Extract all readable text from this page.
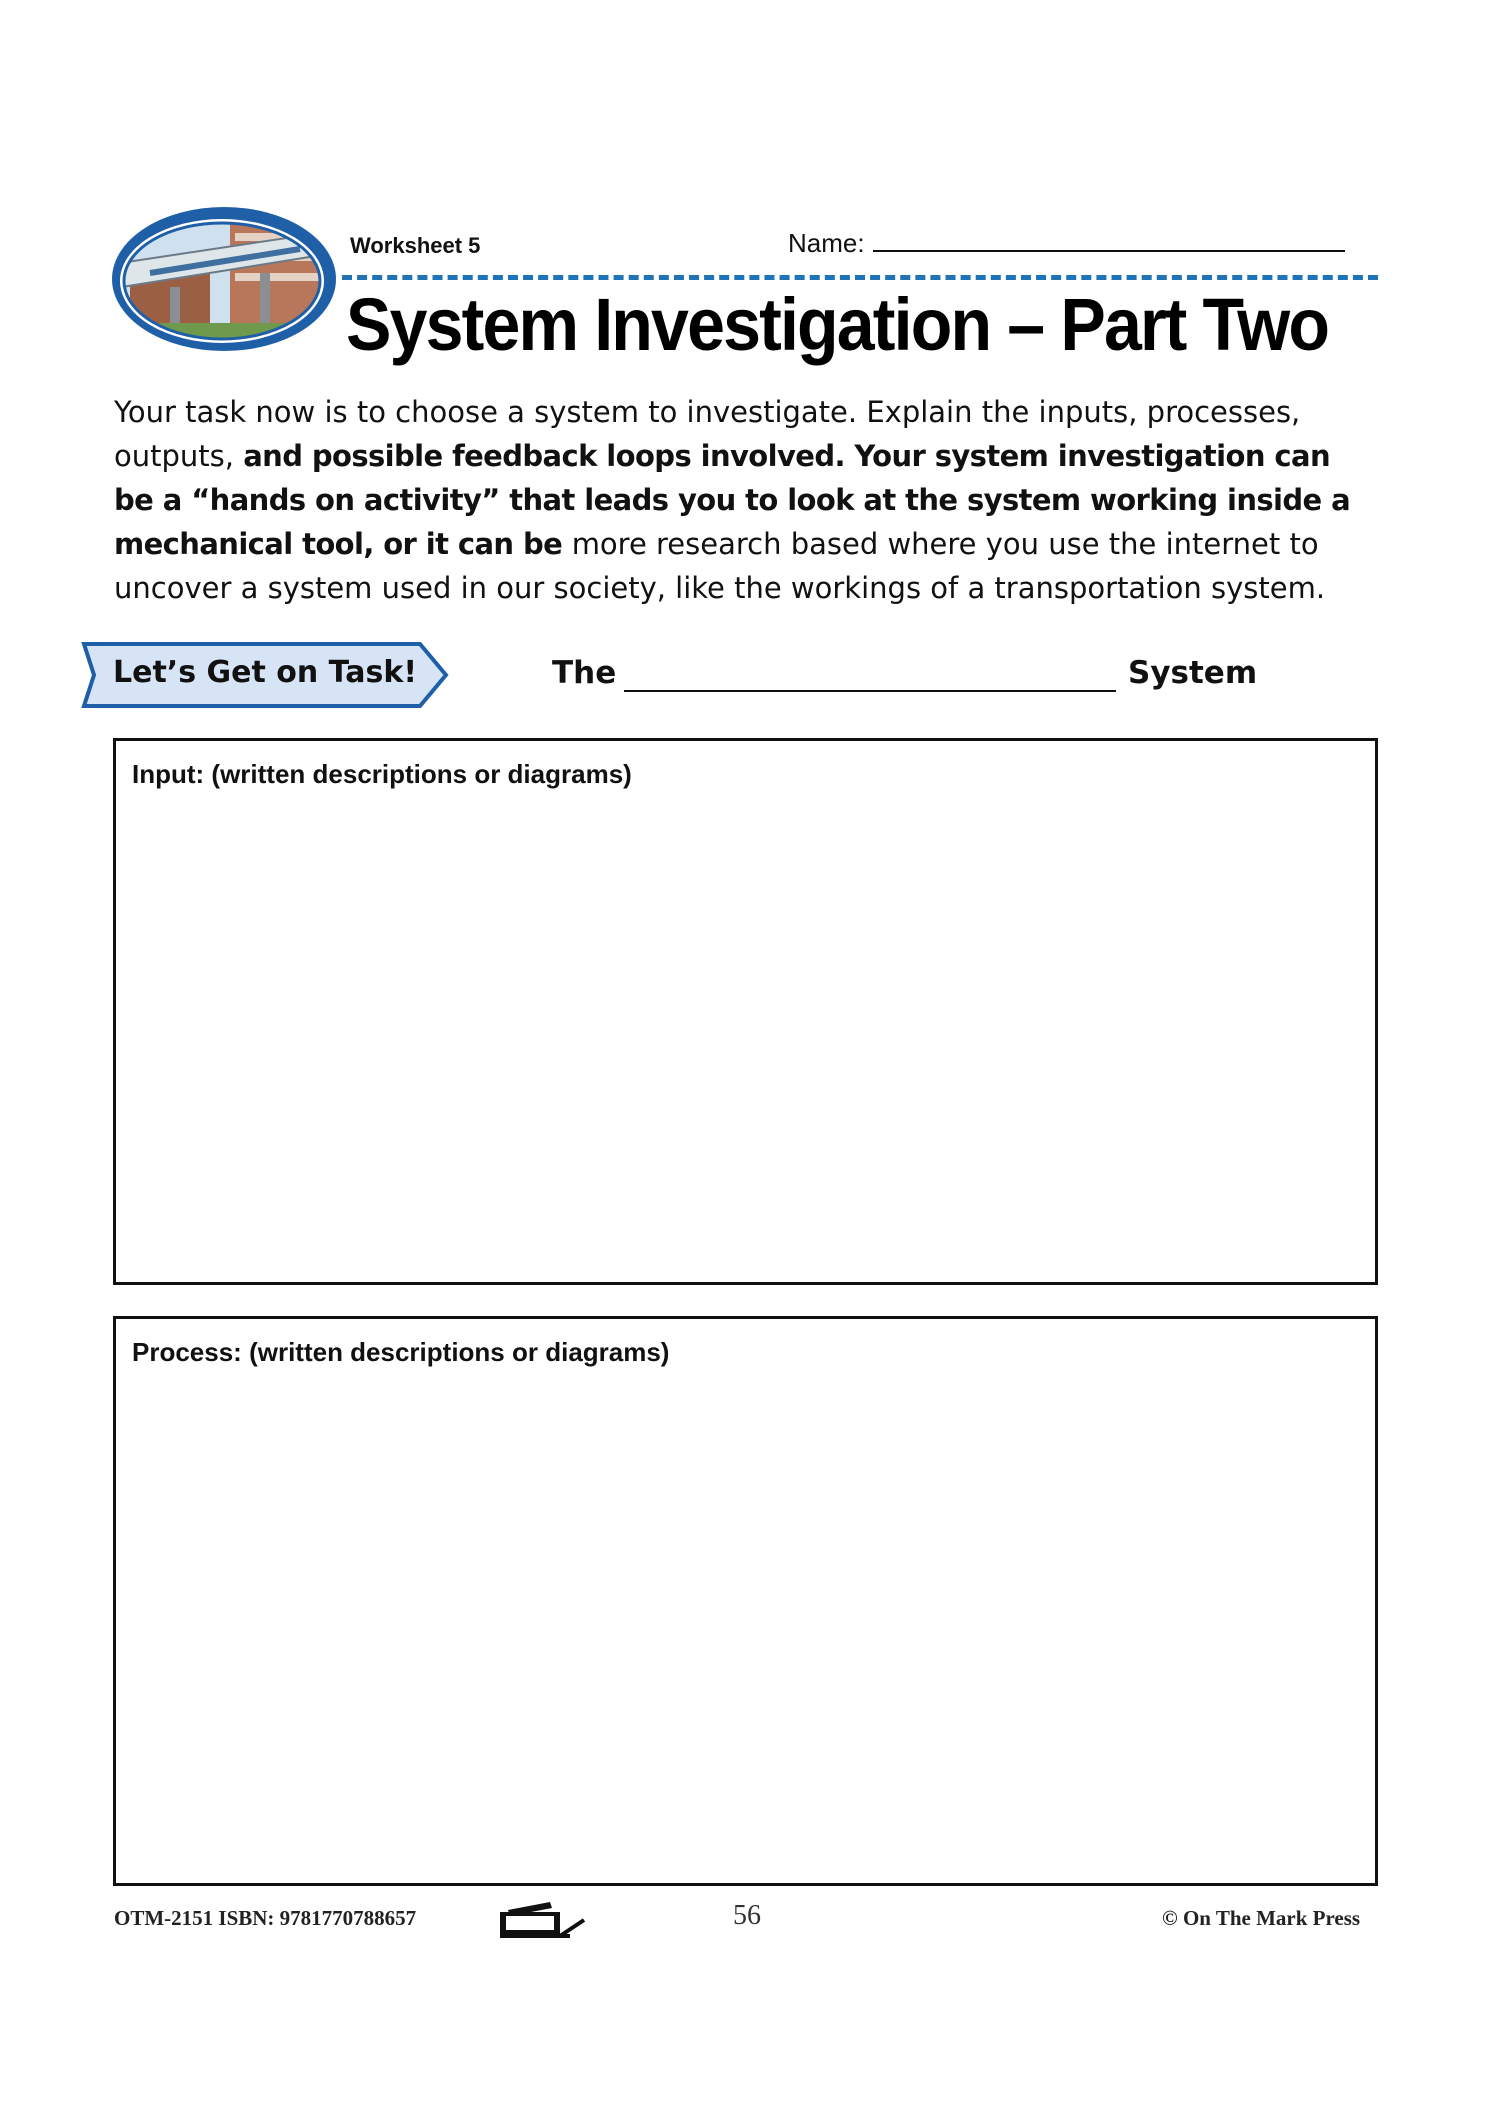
Worksheet 5	Name:
System Investigation – Part Two
Your task now is to choose a system to investigate. Explain the inputs, processes, outputs, and possible feedback loops involved. Your system investigation can be a “hands on activity” that leads you to look at the system working inside a mechanical tool, or it can be more research based where you use the internet to uncover a system used in our society, like the workings of a transportation system.
Let’s Get on Task!	The	System
Input: (written descriptions or diagrams)
Process: (written descriptions or diagrams)
OTM-2151 ISBN: 9781770788657	56	© On The Mark Press
